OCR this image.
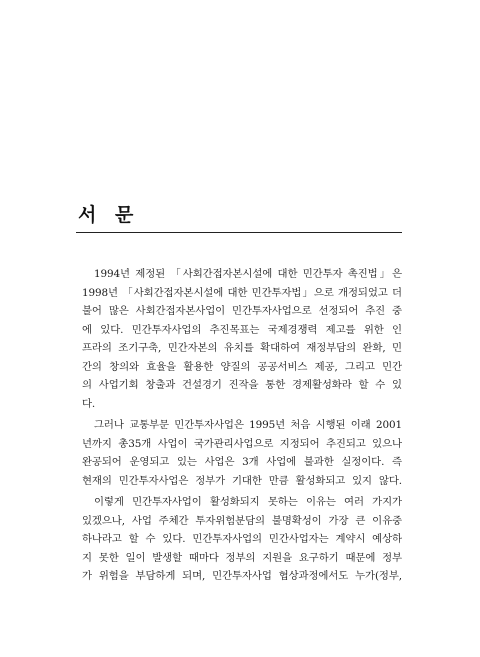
서 문

1994년 제정된 「사회간접자본시설에 대한 민간투자 촉진법」은
1998년 「사회간접자본시설에 대한 민간투자법」으로 개정되었고 더
불어 많은 사회간접자본사업이 민간투자사업으로 선정되어 추진 중
에 있다. 민간투자사업의 추진목표는 국제경쟁력 제고를 위한 인
프라의 조기구축, 민간자본의 유치를 확대하여 재정부담의 완화, 민
간의 창의와 효율을 활용한 양질의 공공서비스 제공, 그리고 민간
의 사업기회 창출과 건설경기 진작을 통한 경제활성화라 할 수 있
다.

그러나 교통부문 민간투자사업은 1995년 처음 시행된 이래 2001
년까지 총35개 사업이 국가관리사업으로 지정되어 추진되고 있으나
완공되어 운영되고 있는 사업은 3개 사업에 불과한 실정이다. 즉
현재의 민간투자사업은 정부가 기대한 만큼 활성화되고 있지 않다.

이렇게 민간투자사업이 활성화되지 못하는 이유는 여러 가지가
있겠으나, 사업 주체간 투자위험분담의 불명확성이 가장 큰 이유중
하나라고 할 수 있다. 민간투자사업의 민간사업자는 계약시 예상하
지 못한 일이 발생할 때마다 정부의 지원을 요구하기 때문에 정부
가 위험을 부담하게 되며, 민간투자사업 협상과정에서도 누가(정부,
